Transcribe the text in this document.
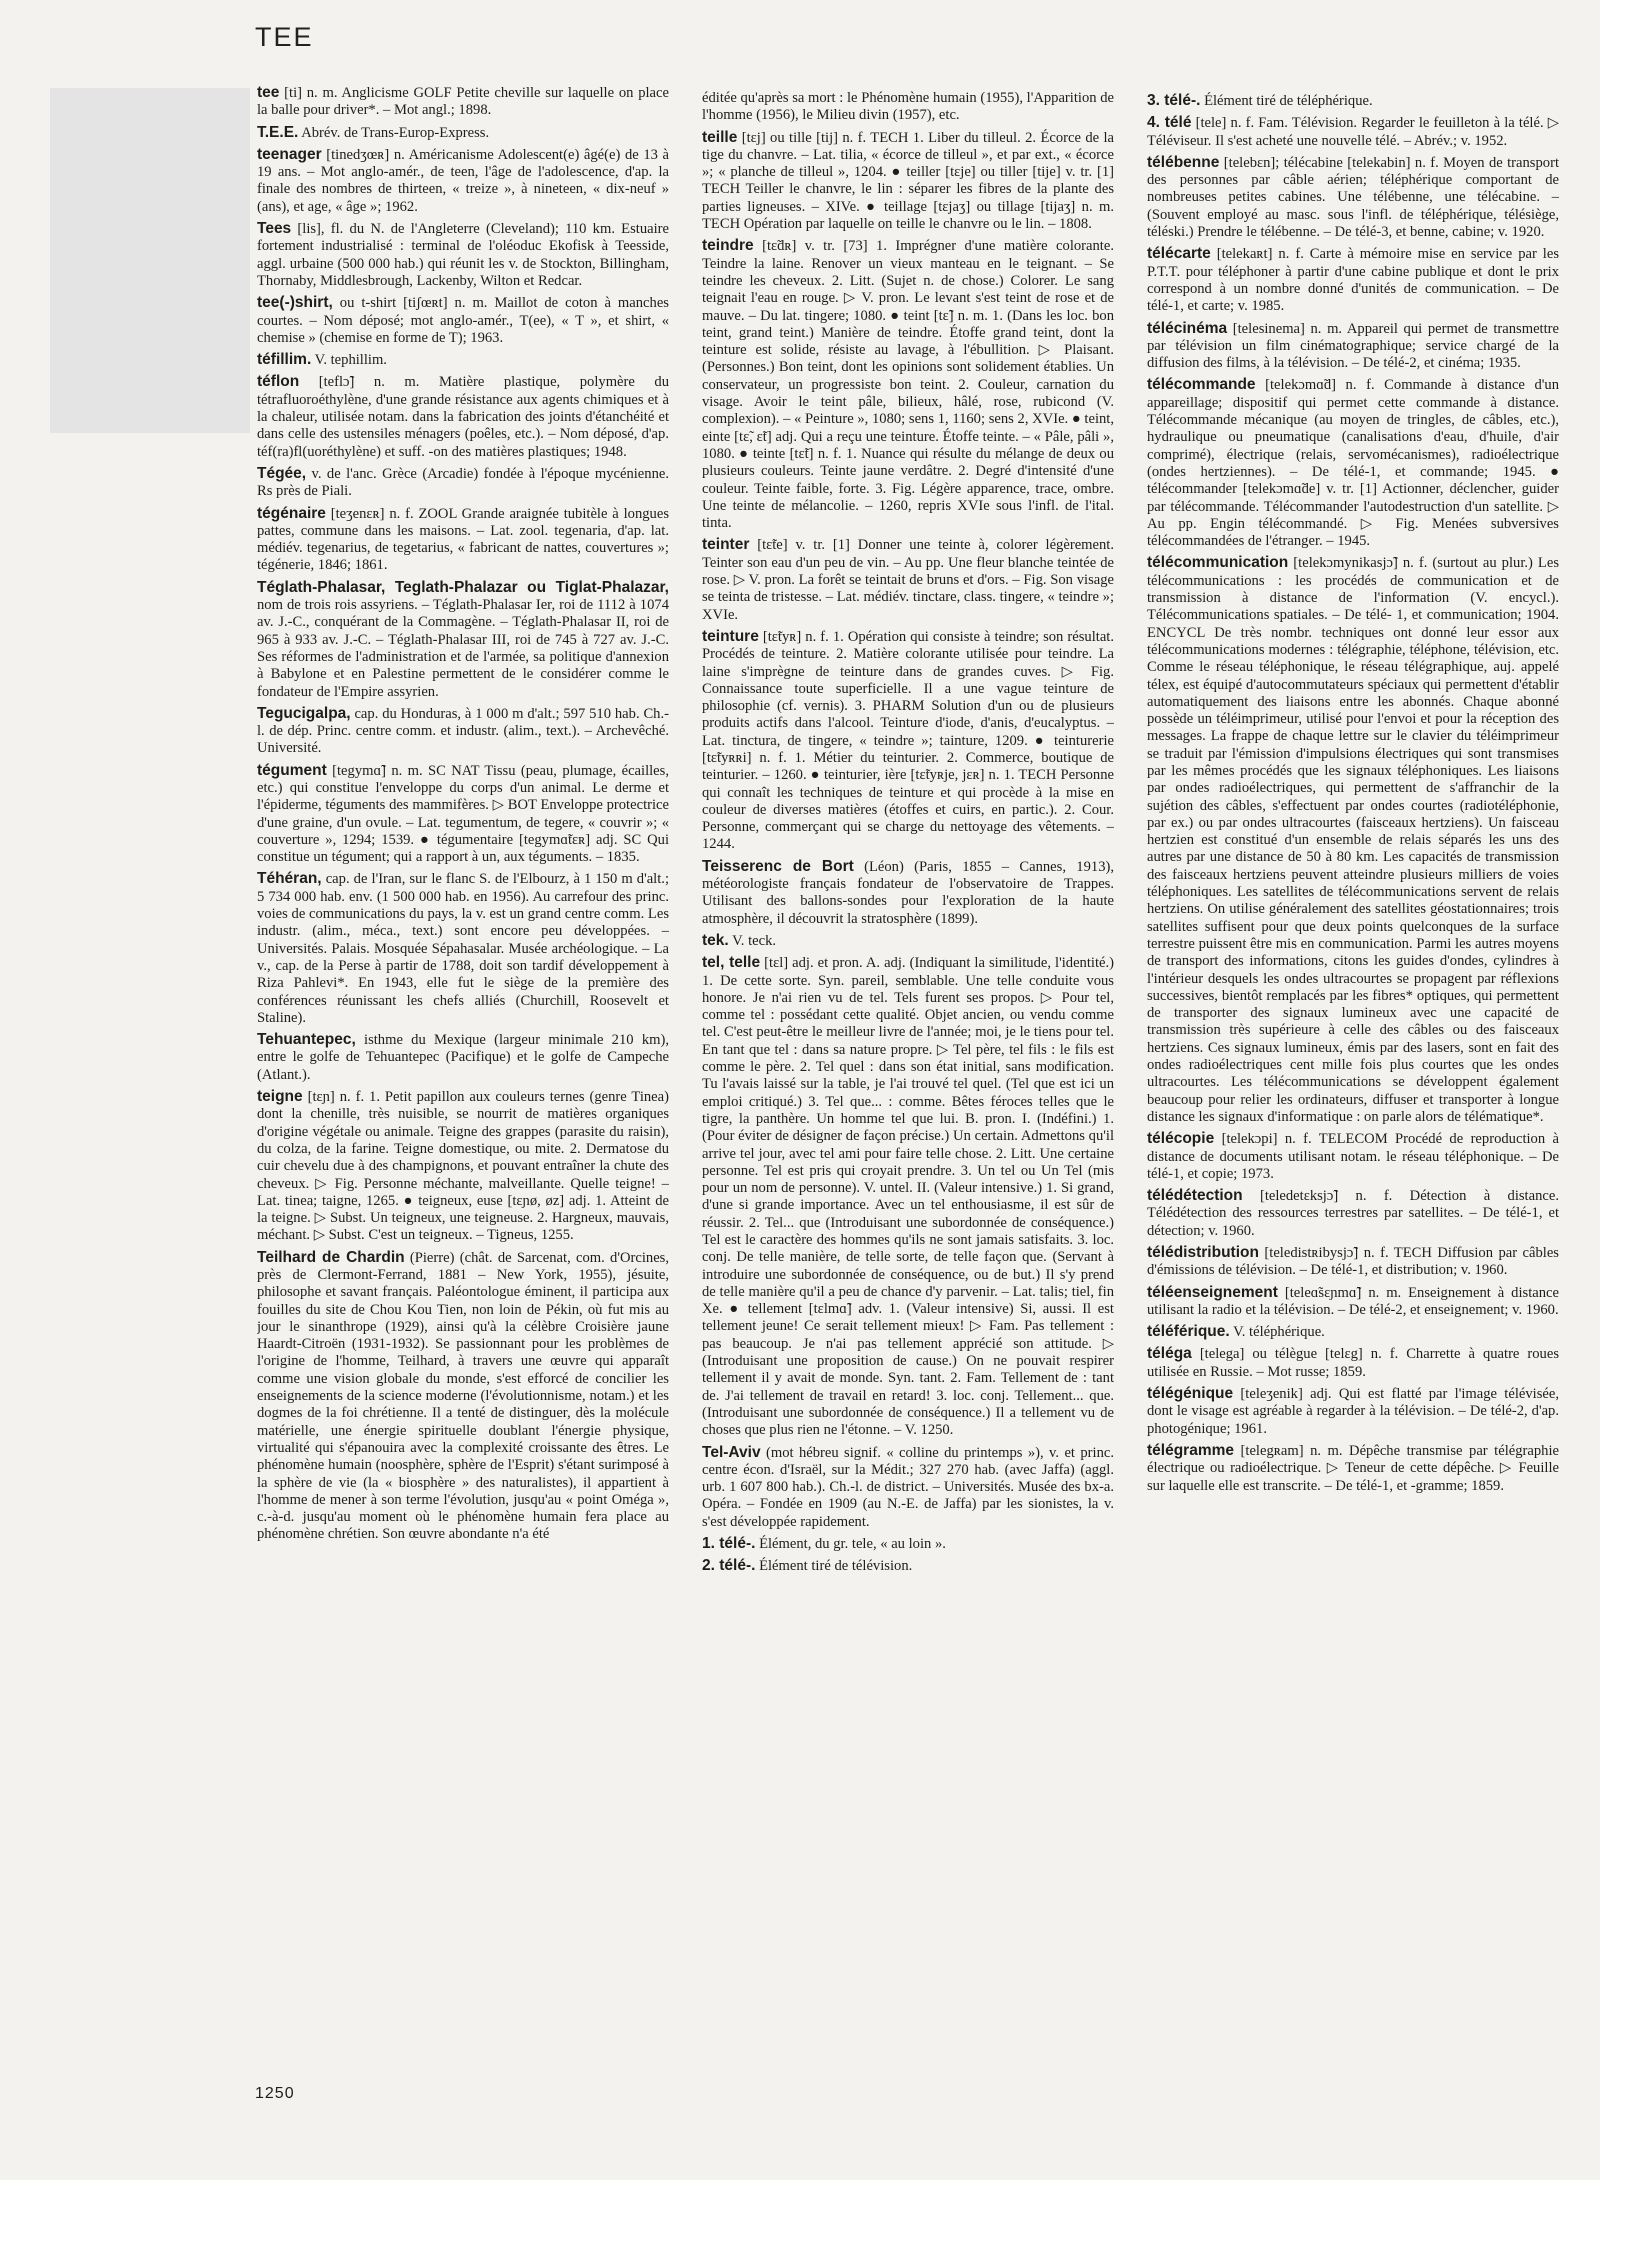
TEE

tee [ti] n. m. Anglicisme GOLF Petite cheville sur laquelle on place la balle pour driver*. – Mot angl.; 1898.

T.E.E. Abrév. de Trans-Europ-Express.

teenager [tinedʒœʀ] n. Américanisme Adolescent(e) âgé(e) de 13 à 19 ans. – Mot anglo-amér., de teen, l'âge de l'adolescence, d'ap. la finale des nombres de thirteen, « treize », à nineteen, « dix-neuf » (ans), et age, « âge »; 1962.

Tees [lis], fl. du N. de l'Angleterre (Cleveland); 110 km. Estuaire fortement industrialisé : terminal de l'oléoduc Ekofisk à Teesside, aggl. urbaine (500 000 hab.) qui réunit les v. de Stockton, Billingham, Thornaby, Middlesbrough, Lackenby, Wilton et Redcar.

tee(-)shirt, ou t-shirt [tiʃœʀt] n. m. Maillot de coton à manches courtes. – Nom déposé; mot anglo-amér., T(ee), « T », et shirt, « chemise » (chemise en forme de T); 1963.

téfillim. V. tephillim.

téflon [teflɔ̃] n. m. Matière plastique, polymère du tétrafluoroéthylène, d'une grande résistance aux agents chimiques et à la chaleur, utilisée notam. dans la fabrication des joints d'étanchéité et dans celle des ustensiles ménagers (poêles, etc.). – Nom déposé, d'ap. téf(ra)fl(uoréthylène) et suff. -on des matières plastiques; 1948.

Tégée, v. de l'anc. Grèce (Arcadie) fondée à l'époque mycénienne. Rs près de Piali.

tégénaire [teʒenɛʀ] n. f. ZOOL Grande araignée tubitèle à longues pattes, commune dans les maisons. – Lat. zool. tegenaria, d'ap. lat. médiév. tegenarius, de tegetarius, « fabricant de nattes, couvertures »; tégénerie, 1846; 1861.

Téglath-Phalasar, Teglath-Phalazar ou Tiglat-Phalazar, nom de trois rois assyriens. – Téglath-Phalasar Ier, roi de 1112 à 1074 av. J.-C., conquérant de la Commagène. – Téglath-Phalasar II, roi de 965 à 933 av. J.-C. – Téglath-Phalasar III, roi de 745 à 727 av. J.-C. Ses réformes de l'administration et de l'armée, sa politique d'annexion à Babylone et en Palestine permettent de le considérer comme le fondateur de l'Empire assyrien.

Tegucigalpa, cap. du Honduras, à 1 000 m d'alt.; 597 510 hab. Ch.-l. de dép. Princ. centre comm. et industr. (alim., text.). – Archevêché. Université.

tégument [tegymɑ̃] n. m. SC NAT Tissu (peau, plumage, écailles, etc.) qui constitue l'enveloppe du corps d'un animal. Le derme et l'épiderme, téguments des mammifères. ▷ BOT Enveloppe protectrice d'une graine, d'un ovule. – Lat. tegumentum, de tegere, « couvrir »; « couverture », 1294; 1539. ● tégumentaire [tegymɑ̃tɛʀ] adj. SC Qui constitue un tégument; qui a rapport à un, aux téguments. – 1835.

Téhéran, cap. de l'Iran, sur le flanc S. de l'Elbourz, à 1 150 m d'alt.; 5 734 000 hab. env. (1 500 000 hab. en 1956). Au carrefour des princ. voies de communications du pays, la v. est un grand centre comm. Les industr. (alim., méca., text.) sont encore peu développées. – Universités. Palais. Mosquée Sépahasalar. Musée archéologique. – La v., cap. de la Perse à partir de 1788, doit son tardif développement à Riza Pahlevi*. En 1943, elle fut le siège de la première des conférences réunissant les chefs alliés (Churchill, Roosevelt et Staline).

Tehuantepec, isthme du Mexique (largeur minimale 210 km), entre le golfe de Tehuantepec (Pacifique) et le golfe de Campeche (Atlant.).

teigne [tɛɲ] n. f. 1. Petit papillon aux couleurs ternes (genre Tinea) dont la chenille, très nuisible, se nourrit de matières organiques d'origine végétale ou animale. Teigne des grappes (parasite du raisin), du colza, de la farine. Teigne domestique, ou mite. 2. Dermatose du cuir chevelu due à des champignons, et pouvant entraîner la chute des cheveux. ▷ Fig. Personne méchante, malveillante. Quelle teigne! – Lat. tinea; taigne, 1265. ● teigneux, euse [tɛɲø, øz] adj. 1. Atteint de la teigne. ▷ Subst. Un teigneux, une teigneuse. 2. Hargneux, mauvais, méchant. ▷ Subst. C'est un teigneux. – Tigneus, 1255.

Teilhard de Chardin (Pierre) (chât. de Sarcenat, com. d'Orcines, près de Clermont-Ferrand, 1881 – New York, 1955), jésuite, philosophe et savant français. Paléontologue éminent, il participa aux fouilles du site de Chou Kou Tien, non loin de Pékin, où fut mis au jour le sinanthrope (1929), ainsi qu'à la célèbre Croisière jaune Haardt-Citroën (1931-1932). Se passionnant pour les problèmes de l'origine de l'homme, Teilhard, à travers une œuvre qui apparaît comme une vision globale du monde, s'est efforcé de concilier les enseignements de la science moderne (l'évolutionnisme, notam.) et les dogmes de la foi chrétienne. Il a tenté de distinguer, dès la molécule matérielle, une énergie spirituelle doublant l'énergie physique, virtualité qui s'épanouira avec la complexité croissante des êtres. Le phénomène humain (noosphère, sphère de l'Esprit) s'étant surimposé à la sphère de vie (la « biosphère » des naturalistes), il appartient à l'homme de mener à son terme l'évolution, jusqu'au « point Oméga », c.-à-d. jusqu'au moment où le phénomène humain fera place au phénomène chrétien. Son œuvre abondante n'a été

éditée qu'après sa mort : le Phénomène humain (1955), l'Apparition de l'homme (1956), le Milieu divin (1957), etc.

teille [tɛj] ou tille [tij] n. f. TECH 1. Liber du tilleul. 2. Écorce de la tige du chanvre. – Lat. tilia, « écorce de tilleul », et par ext., « écorce »; « planche de tilleul », 1204. ● teiller [tɛje] ou tiller [tije] v. tr. [1] TECH Teiller le chanvre, le lin : séparer les fibres de la plante des parties ligneuses. – XIVe. ● teillage [tɛjaʒ] ou tillage [tijaʒ] n. m. TECH Opération par laquelle on teille le chanvre ou le lin. – 1808.

teindre [tɛ̃dʀ] v. tr. [73] 1. Imprégner d'une matière colorante. Teindre la laine. Renover un vieux manteau en le teignant. – Se teindre les cheveux. 2. Litt. (Sujet n. de chose.) Colorer. Le sang teignait l'eau en rouge. ▷ V. pron. Le levant s'est teint de rose et de mauve. – Du lat. tingere; 1080. ● teint [tɛ̃] n. m. 1. (Dans les loc. bon teint, grand teint.) Manière de teindre. Étoffe grand teint, dont la teinture est solide, résiste au lavage, à l'ébullition. ▷ Plaisant. (Personnes.) Bon teint, dont les opinions sont solidement établies. Un conservateur, un progressiste bon teint. 2. Couleur, carnation du visage. Avoir le teint pâle, bilieux, hâlé, rose, rubicond (V. complexion). – « Peinture », 1080; sens 1, 1160; sens 2, XVIe. ● teint, einte [tɛ̃, ɛ̃t] adj. Qui a reçu une teinture. Étoffe teinte. – « Pâle, pâli », 1080. ● teinte [tɛ̃t] n. f. 1. Nuance qui résulte du mélange de deux ou plusieurs couleurs. Teinte jaune verdâtre. 2. Degré d'intensité d'une couleur. Teinte faible, forte. 3. Fig. Légère apparence, trace, ombre. Une teinte de mélancolie. – 1260, repris XVIe sous l'infl. de l'ital. tinta.

teinter [tɛ̃te] v. tr. [1] Donner une teinte à, colorer légèrement. Teinter son eau d'un peu de vin. – Au pp. Une fleur blanche teintée de rose. ▷ V. pron. La forêt se teintait de bruns et d'ors. – Fig. Son visage se teinta de tristesse. – Lat. médiév. tinctare, class. tingere, « teindre »; XVIe.

teinture [tɛ̃tyʀ] n. f. 1. Opération qui consiste à teindre; son résultat. Procédés de teinture. 2. Matière colorante utilisée pour teindre. La laine s'imprègne de teinture dans de grandes cuves. ▷ Fig. Connaissance toute superficielle. Il a une vague teinture de philosophie (cf. vernis). 3. PHARM Solution d'un ou de plusieurs produits actifs dans l'alcool. Teinture d'iode, d'anis, d'eucalyptus. – Lat. tinctura, de tingere, « teindre »; tainture, 1209. ● teinturerie [tɛ̃tyʀʀi] n. f. 1. Métier du teinturier. 2. Commerce, boutique de teinturier. – 1260. ● teinturier, ière [tɛ̃tyʀje, jɛʀ] n. 1. TECH Personne qui connaît les techniques de teinture et qui procède à la mise en couleur de diverses matières (étoffes et cuirs, en partic.). 2. Cour. Personne, commerçant qui se charge du nettoyage des vêtements. – 1244.

Teisserenc de Bort (Léon) (Paris, 1855 – Cannes, 1913), météorologiste français fondateur de l'observatoire de Trappes. Utilisant des ballons-sondes pour l'exploration de la haute atmosphère, il découvrit la stratosphère (1899).

tek. V. teck.

tel, telle [tɛl] adj. et pron. A. adj. (Indiquant la similitude, l'identité.) 1. De cette sorte. Syn. pareil, semblable. Une telle conduite vous honore. Je n'ai rien vu de tel. Tels furent ses propos. ▷ Pour tel, comme tel : possédant cette qualité. Objet ancien, ou vendu comme tel. C'est peut-être le meilleur livre de l'année; moi, je le tiens pour tel. En tant que tel : dans sa nature propre. ▷ Tel père, tel fils : le fils est comme le père. 2. Tel quel : dans son état initial, sans modification. Tu l'avais laissé sur la table, je l'ai trouvé tel quel. (Tel que est ici un emploi critiqué.) 3. Tel que... : comme. Bêtes féroces telles que le tigre, la panthère. Un homme tel que lui. B. pron. I. (Indéfini.) 1. (Pour éviter de désigner de façon précise.) Un certain. Admettons qu'il arrive tel jour, avec tel ami pour faire telle chose. 2. Litt. Une certaine personne. Tel est pris qui croyait prendre. 3. Un tel ou Un Tel (mis pour un nom de personne). V. untel. II. (Valeur intensive.) 1. Si grand, d'une si grande importance. Avec un tel enthousiasme, il est sûr de réussir. 2. Tel... que (Introduisant une subordonnée de conséquence.) Tel est le caractère des hommes qu'ils ne sont jamais satisfaits. 3. loc. conj. De telle manière, de telle sorte, de telle façon que. (Servant à introduire une subordonnée de conséquence, ou de but.) Il s'y prend de telle manière qu'il a peu de chance d'y parvenir. – Lat. talis; tiel, fin Xe. ● tellement [tɛlmɑ̃] adv. 1. (Valeur intensive) Si, aussi. Il est tellement jeune! Ce serait tellement mieux! ▷ Fam. Pas tellement : pas beaucoup. Je n'ai pas tellement apprécié son attitude. ▷ (Introduisant une proposition de cause.) On ne pouvait respirer tellement il y avait de monde. Syn. tant. 2. Fam. Tellement de : tant de. J'ai tellement de travail en retard! 3. loc. conj. Tellement... que. (Introduisant une subordonnée de conséquence.) Il a tellement vu de choses que plus rien ne l'étonne. – V. 1250.

Tel-Aviv (mot hébreu signif. « colline du printemps »), v. et princ. centre écon. d'Israël, sur la Médit.; 327 270 hab. (avec Jaffa) (aggl. urb. 1 607 800 hab.). Ch.-l. de district. – Universités. Musée des bx-a. Opéra. – Fondée en 1909 (au N.-E. de Jaffa) par les sionistes, la v. s'est développée rapidement.

1. télé-. Élément, du gr. tele, « au loin ».

2. télé-. Élément tiré de télévision.

3. télé-. Élément tiré de téléphérique.

4. télé [tele] n. f. Fam. Télévision. Regarder le feuilleton à la télé. ▷ Téléviseur. Il s'est acheté une nouvelle télé. – Abrév.; v. 1952.

télébenne [telebɛn]; télécabine [telekabin] n. f. Moyen de transport des personnes par câble aérien; téléphérique comportant de nombreuses petites cabines. Une télébenne, une télécabine. – (Souvent employé au masc. sous l'infl. de téléphérique, télésiège, téléski.) Prendre le télébenne. – De télé-3, et benne, cabine; v. 1920.

télécarte [telekaʀt] n. f. Carte à mémoire mise en service par les P.T.T. pour téléphoner à partir d'une cabine publique et dont le prix correspond à un nombre donné d'unités de communication. – De télé-1, et carte; v. 1985.

télécinéma [telesinema] n. m. Appareil qui permet de transmettre par télévision un film cinématographique; service chargé de la diffusion des films, à la télévision. – De télé-2, et cinéma; 1935.

télécommande [telekɔmɑ̃d] n. f. Commande à distance d'un appareillage; dispositif qui permet cette commande à distance. Télécommande mécanique (au moyen de tringles, de câbles, etc.), hydraulique ou pneumatique (canalisations d'eau, d'huile, d'air comprimé), électrique (relais, servomécanismes), radioélectrique (ondes hertziennes). – De télé-1, et commande; 1945. ● télécommander [telekɔmɑ̃de] v. tr. [1] Actionner, déclencher, guider par télécommande. Télécommander l'autodestruction d'un satellite. ▷ Au pp. Engin télécommandé. ▷ Fig. Menées subversives télécommandées de l'étranger. – 1945.

télécommunication [telekɔmynikasjɔ̃] n. f. (surtout au plur.) Les télécommunications : les procédés de communication et de transmission à distance de l'information (V. encycl.). Télécommunications spatiales. – De télé- 1, et communication; 1904. ENCYCL De très nombr. techniques ont donné leur essor aux télécommunications modernes : télégraphie, téléphone, télévision, etc. Comme le réseau téléphonique, le réseau télégraphique, auj. appelé télex, est équipé d'autocommutateurs spéciaux qui permettent d'établir automatiquement des liaisons entre les abonnés. Chaque abonné possède un téléimprimeur, utilisé pour l'envoi et pour la réception des messages. La frappe de chaque lettre sur le clavier du téléimprimeur se traduit par l'émission d'impulsions électriques qui sont transmises par les mêmes procédés que les signaux téléphoniques. Les liaisons par ondes radioélectriques, qui permettent de s'affranchir de la sujétion des câbles, s'effectuent par ondes courtes (radiotéléphonie, par ex.) ou par ondes ultracourtes (faisceaux hertziens). Un faisceau hertzien est constitué d'un ensemble de relais séparés les uns des autres par une distance de 50 à 80 km. Les capacités de transmission des faisceaux hertziens peuvent atteindre plusieurs milliers de voies téléphoniques. Les satellites de télécommunications servent de relais hertziens. On utilise généralement des satellites géostationnaires; trois satellites suffisent pour que deux points quelconques de la surface terrestre puissent être mis en communication. Parmi les autres moyens de transport des informations, citons les guides d'ondes, cylindres à l'intérieur desquels les ondes ultracourtes se propagent par réflexions successives, bientôt remplacés par les fibres* optiques, qui permettent de transporter des signaux lumineux avec une capacité de transmission très supérieure à celle des câbles ou des faisceaux hertziens. Ces signaux lumineux, émis par des lasers, sont en fait des ondes radioélectriques cent mille fois plus courtes que les ondes ultracourtes. Les télécommunications se développent également beaucoup pour relier les ordinateurs, diffuser et transporter à longue distance les signaux d'informatique : on parle alors de télématique*.

télécopie [telekɔpi] n. f. TELECOM Procédé de reproduction à distance de documents utilisant notam. le réseau téléphonique. – De télé-1, et copie; 1973.

télédétection [teledetɛksjɔ̃] n. f. Détection à distance. Télédétection des ressources terrestres par satellites. – De télé-1, et détection; v. 1960.

télédistribution [teledistʀibysjɔ̃] n. f. TECH Diffusion par câbles d'émissions de télévision. – De télé-1, et distribution; v. 1960.

téléenseignement [teleɑ̃sɛɲmɑ̃] n. m. Enseignement à distance utilisant la radio et la télévision. – De télé-2, et enseignement; v. 1960.

téléférique. V. téléphérique.

téléga [telega] ou télègue [telɛg] n. f. Charrette à quatre roues utilisée en Russie. – Mot russe; 1859.

télégénique [teleʒenik] adj. Qui est flatté par l'image télévisée, dont le visage est agréable à regarder à la télévision. – De télé-2, d'ap. photogénique; 1961.

télégramme [telegʀam] n. m. Dépêche transmise par télégraphie électrique ou radioélectrique. ▷ Teneur de cette dépêche. ▷ Feuille sur laquelle elle est transcrite. – De télé-1, et -gramme; 1859.

1250
